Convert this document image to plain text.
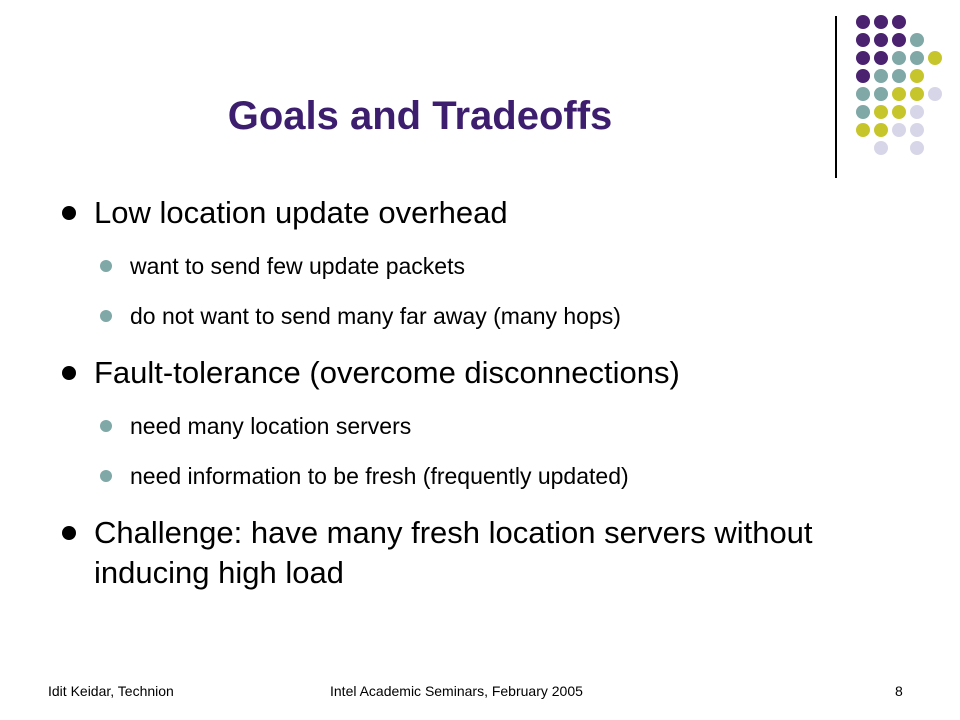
Goals and Tradeoffs
Low location update overhead
want to send few update packets
do not want to send many far away (many hops)
Fault-tolerance (overcome disconnections)
need many location servers
need information to be fresh (frequently updated)
Challenge: have many fresh location servers without inducing high load
Idit Keidar, Technion	Intel Academic Seminars, February 2005	8
